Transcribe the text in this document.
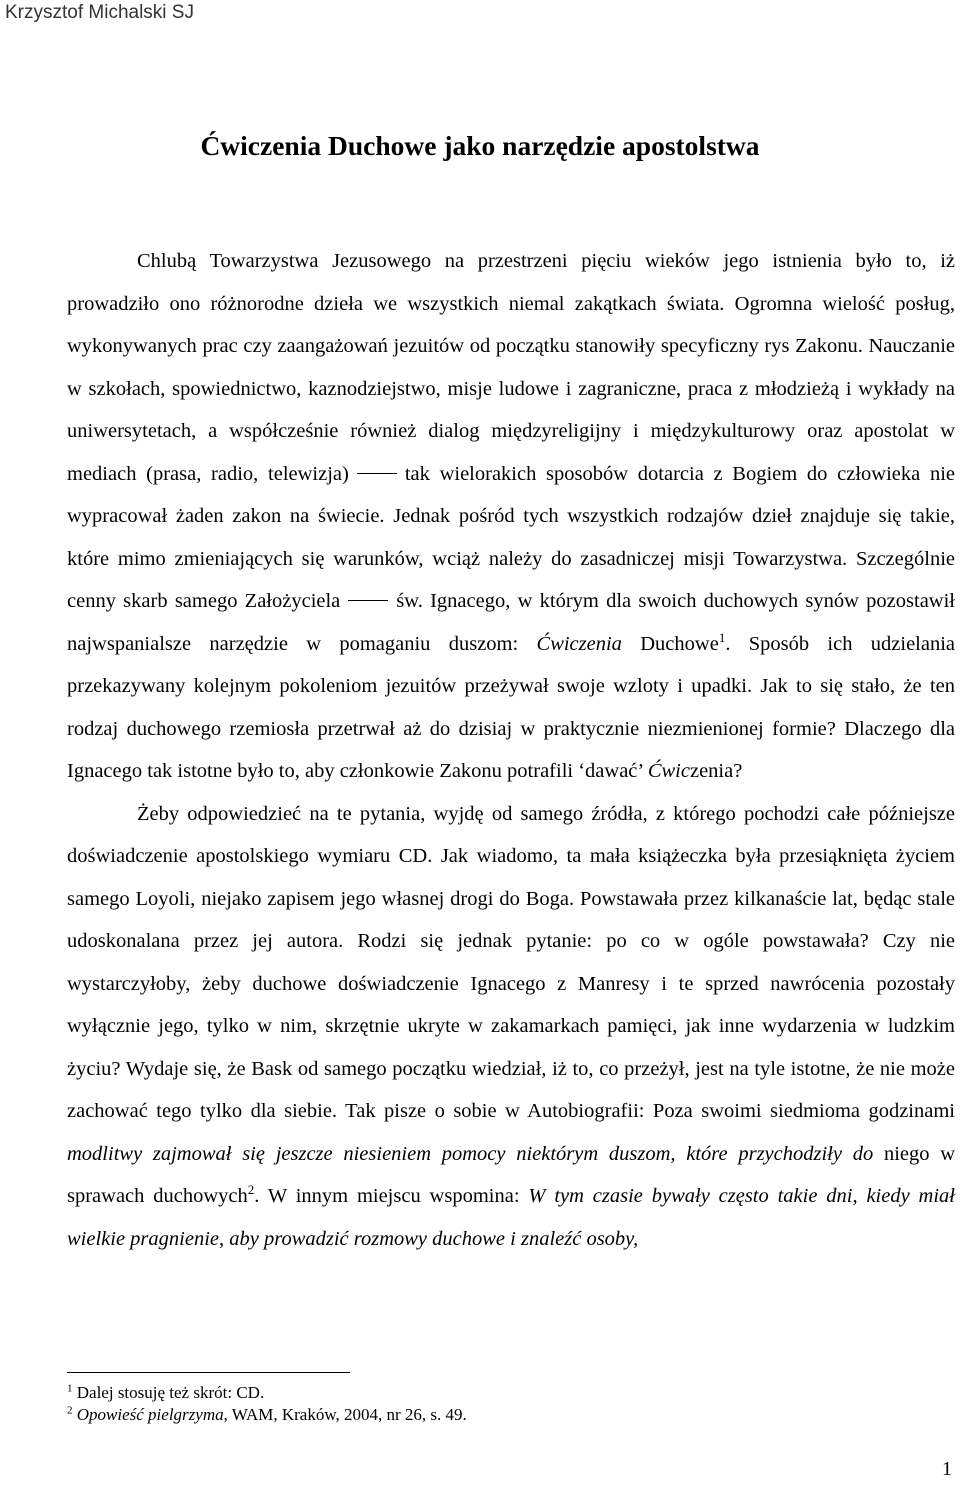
Krzysztof Michalski SJ
Ćwiczenia Duchowe jako narzędzie apostolstwa

Chlubą Towarzystwa Jezusowego na przestrzeni pięciu wieków jego istnienia było to, iż prowadziło ono różnorodne dzieła we wszystkich niemal zakątkach świata. Ogromna wielość posług, wykonywanych prac czy zaangażowań jezuitów od początku stanowiły specyficzny rys Zakonu. Nauczanie w szkołach, spowiednictwo, kaznodziejstwo, misje ludowe i zagraniczne, praca z młodzieżą i wykłady na uniwersytetach, a współcześnie również dialog międzyreligijny i międzykulturowy oraz apostolat w mediach (prasa, radio, telewizja)	tak wielorakich sposobów dotarcia z Bogiem do człowieka nie wypracował żaden zakon na świecie. Jednak pośród tych wszystkich rodzajów dzieł znajduje się takie, które mimo zmieniających się warunków, wciąż należy do zasadniczej misji Towarzystwa. Szczególnie cenny skarb samego Założyciela	św. Ignacego, w którym dla swoich duchowych synów pozostawił najwspanialsze narzędzie w pomaganiu duszom: Ćwiczenia Duchowe$^1$. Sposób ich udzielania przekazywany kolejnym pokoleniom jezuitów przeżywał swoje wzloty i upadki. Jak to się stało, że ten rodzaj duchowego rzemiosła przetrwał aż do dzisiaj w praktycznie niezmienionej formie? Dlaczego dla Ignacego tak istotne było to, aby członkowie Zakonu potrafili ‘dawać’ Ćwiczenia?

Żeby odpowiedzieć na te pytania, wyjdę od samego źródła, z którego pochodzi całe późniejsze doświadczenie apostolskiego wymiaru CD. Jak wiadomo, ta mała książeczka była przesiąknięta życiem samego Loyoli, niejako zapisem jego własnej drogi do Boga. Powstawała przez kilkanaście lat, będąc stale udoskonalana przez jej autora. Rodzi się jednak pytanie: po co w ogóle powstawała? Czy nie wystarczyłoby, żeby duchowe doświadczenie Ignacego z Manresy i te sprzed nawrócenia pozostały wyłącznie jego, tylko w nim, skrzętnie ukryte w zakamarkach pamięci, jak inne wydarzenia w ludzkim życiu? Wydaje się, że Bask od samego początku wiedział, iż to, co przeżył, jest na tyle istotne, że nie może zachować tego tylko dla siebie. Tak pisze o sobie w Autobiografii: Poza swoimi siedmioma godzinami modlitwy zajmował się jeszcze niesieniem pomocy niektórym duszom, które przychodziły do niego w sprawach duchowych$^2$. W innym miejscu wspomina: W tym czasie bywały często takie dni, kiedy miał wielkie pragnienie, aby prowadzić rozmowy duchowe i znaleźć osoby,

$^1$ Dalej stosuję też skrót: CD.
$^2$ Opowieść pielgrzyma, WAM, Kraków, 2004, nr 26, s. 49.
1
